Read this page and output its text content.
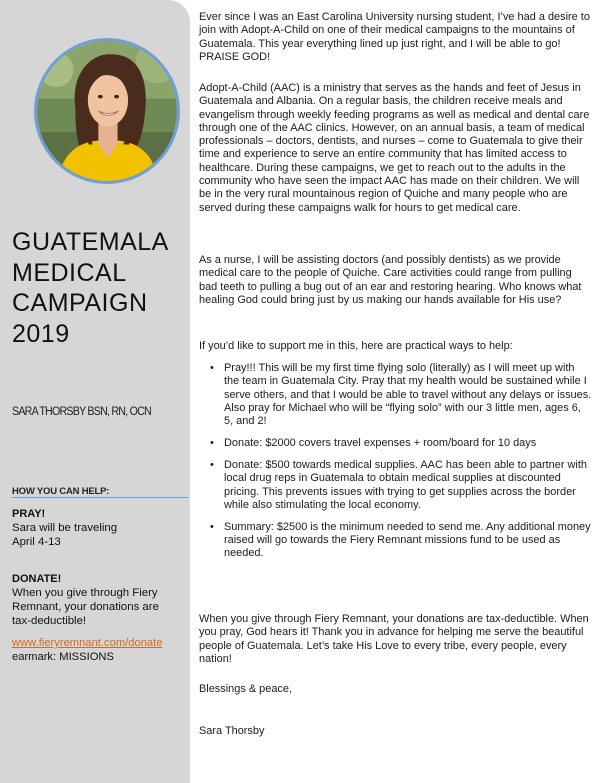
GUATEMALA
MEDICAL
CAMPAIGN
2019
SARA THORSBY BSN, RN, OCN
HOW YOU CAN HELP:
PRAY!
Sara will be traveling
April 4-13
DONATE!
When you give through Fiery
Remnant, your donations are
tax-deductible!
www.fieryremnant.com/donate
earmark: MISSIONS

Ever since I was an East Carolina University nursing student, I’ve had a desire to join with Adopt-A-Child on one of their medical campaigns to the mountains of Guatemala. This year everything lined up just right, and I will be able to go! PRAISE GOD!

Adopt-A-Child (AAC) is a ministry that serves as the hands and feet of Jesus in Guatemala and Albania. On a regular basis, the children receive meals and evangelism through weekly feeding programs as well as medical and dental care through one of the AAC clinics. However, on an annual basis, a team of medical professionals – doctors, dentists, and nurses – come to Guatemala to give their time and experience to serve an entire community that has limited access to healthcare. During these campaigns, we get to reach out to the adults in the community who have seen the impact AAC has made on their children. We will be in the very rural mountainous region of Quiche and many people who are served during these campaigns walk for hours to get medical care.

As a nurse, I will be assisting doctors (and possibly dentists) as we provide medical care to the people of Quiche. Care activities could range from pulling bad teeth to pulling a bug out of an ear and restoring hearing. Who knows what healing God could bring just by us making our hands available for His use?

If you’d like to support me in this, here are practical ways to help:

• Pray!!! This will be my first time flying solo (literally) as I will meet up with the team in Guatemala City. Pray that my health would be sustained while I serve others, and that I would be able to travel without any delays or issues. Also pray for Michael who will be “flying solo” with our 3 little men, ages 6, 5, and 2!
• Donate: $2000 covers travel expenses + room/board for 10 days
• Donate: $500 towards medical supplies. AAC has been able to partner with local drug reps in Guatemala to obtain medical supplies at discounted pricing. This prevents issues with trying to get supplies across the border while also stimulating the local economy.
• Summary: $2500 is the minimum needed to send me. Any additional money raised will go towards the Fiery Remnant missions fund to be used as needed.

When you give through Fiery Remnant, your donations are tax-deductible. When you pray, God hears it! Thank you in advance for helping me serve the beautiful people of Guatemala. Let’s take His Love to every tribe, every people, every nation!

Blessings & peace,

Sara Thorsby
